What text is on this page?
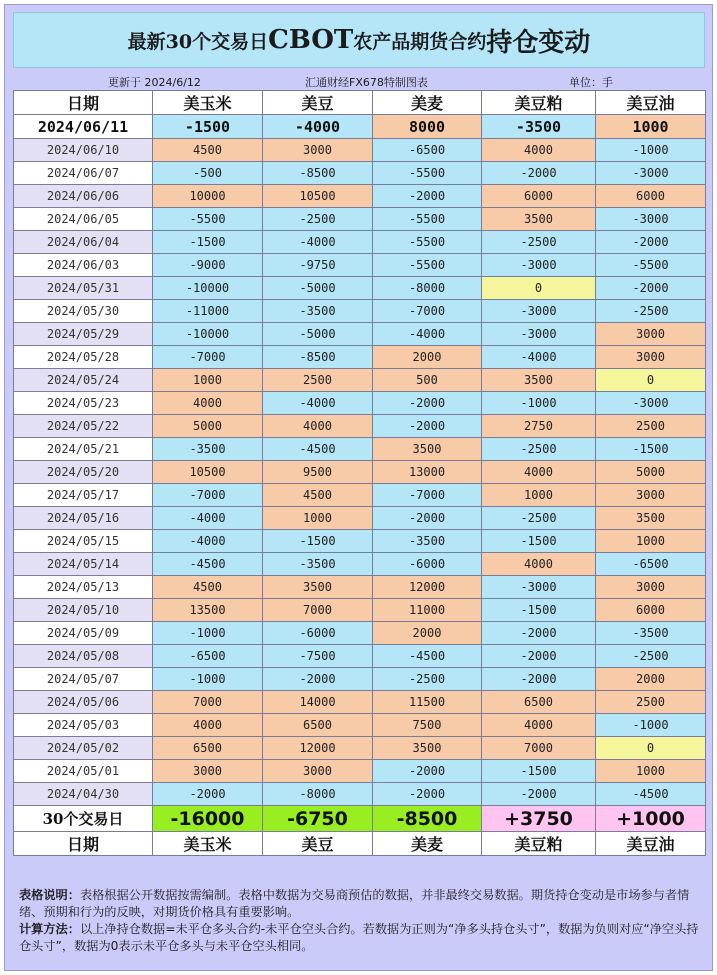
最新30个交易日 CBOT 农产品期货合约 持仓变动
更新于 2024/6/12	汇通财经FX678特制图表	单位：手
日期	美玉米	美豆	美麦	美豆粕	美豆油
2024/06/11	-1500	-4000	8000	-3500	1000
2024/06/10	4500	3000	-6500	4000	-1000
2024/06/07	-500	-8500	-5500	-2000	-3000
2024/06/06	10000	10500	-2000	6000	6000
2024/06/05	-5500	-2500	-5500	3500	-3000
2024/06/04	-1500	-4000	-5500	-2500	-2000
2024/06/03	-9000	-9750	-5500	-3000	-5500
2024/05/31	-10000	-5000	-8000	0	-2000
2024/05/30	-11000	-3500	-7000	-3000	-2500
2024/05/29	-10000	-5000	-4000	-3000	3000
2024/05/28	-7000	-8500	2000	-4000	3000
2024/05/24	1000	2500	500	3500	0
2024/05/23	4000	-4000	-2000	-1000	-3000
2024/05/22	5000	4000	-2000	2750	2500
2024/05/21	-3500	-4500	3500	-2500	-1500
2024/05/20	10500	9500	13000	4000	5000
2024/05/17	-7000	4500	-7000	1000	3000
2024/05/16	-4000	1000	-2000	-2500	3500
2024/05/15	-4000	-1500	-3500	-1500	1000
2024/05/14	-4500	-3500	-6000	4000	-6500
2024/05/13	4500	3500	12000	-3000	3000
2024/05/10	13500	7000	11000	-1500	6000
2024/05/09	-1000	-6000	2000	-2000	-3500
2024/05/08	-6500	-7500	-4500	-2000	-2500
2024/05/07	-1000	-2000	-2500	-2000	2000
2024/05/06	7000	14000	11500	6500	2500
2024/05/03	4000	6500	7500	4000	-1000
2024/05/02	6500	12000	3500	7000	0
2024/05/01	3000	3000	-2000	-1500	1000
2024/04/30	-2000	-8000	-2000	-2000	-4500
30个交易日	-16000	-6750	-8500	+3750	+1000
日期	美玉米	美豆	美麦	美豆粕	美豆油
表格说明：表格根据公开数据按需编制。表格中数据为交易商预估的数据，并非最终交易数据。期货持仓变动是市场参与者情绪、预期和行为的反映，对期货价格具有重要影响。
计算方法：以上净持仓数据=未平仓多头合约-未平仓空头合约。若数据为正则为“净多头持仓头寸”，数据为负则对应“净空头持仓头寸”，数据为0表示未平仓多头与未平仓空头相同。
